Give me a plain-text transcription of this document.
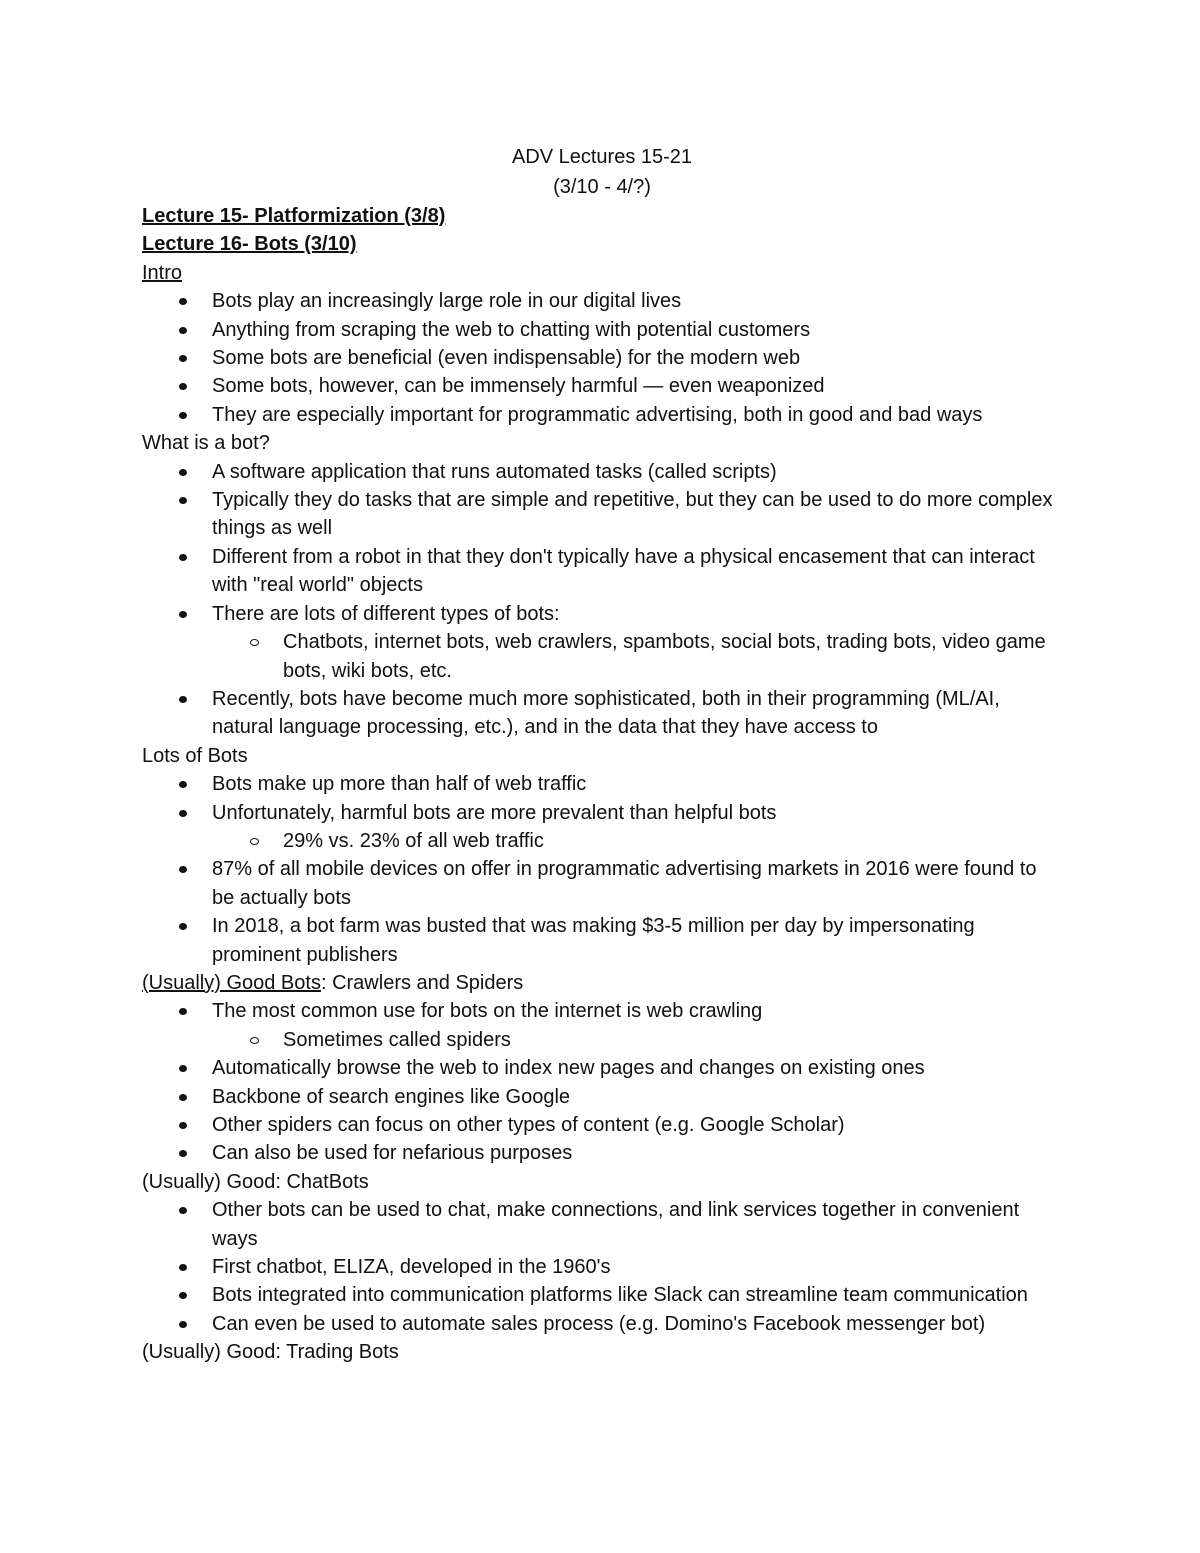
ADV Lectures 15-21
(3/10 - 4/?)
Lecture 15- Platformization (3/8)
Lecture 16- Bots (3/10)
Intro
Bots play an increasingly large role in our digital lives
Anything from scraping the web to chatting with potential customers
Some bots are beneficial (even indispensable) for the modern web
Some bots, however, can be immensely harmful — even weaponized
They are especially important for programmatic advertising, both in good and bad ways
What is a bot?
A software application that runs automated tasks (called scripts)
Typically they do tasks that are simple and repetitive, but they can be used to do more complex things as well
Different from a robot in that they don't typically have a physical encasement that can interact with "real world" objects
There are lots of different types of bots:
Chatbots, internet bots, web crawlers, spambots, social bots, trading bots, video game bots, wiki bots, etc.
Recently, bots have become much more sophisticated, both in their programming (ML/AI, natural language processing, etc.), and in the data that they have access to
Lots of Bots
Bots make up more than half of web traffic
Unfortunately, harmful bots are more prevalent than helpful bots
29% vs. 23% of all web traffic
87% of all mobile devices on offer in programmatic advertising markets in 2016 were found to be actually bots
In 2018, a bot farm was busted that was making $3-5 million per day by impersonating prominent publishers
(Usually) Good Bots: Crawlers and Spiders
The most common use for bots on the internet is web crawling
Sometimes called spiders
Automatically browse the web to index new pages and changes on existing ones
Backbone of search engines like Google
Other spiders can focus on other types of content (e.g. Google Scholar)
Can also be used for nefarious purposes
(Usually) Good: ChatBots
Other bots can be used to chat, make connections, and link services together in convenient ways
First chatbot, ELIZA, developed in the 1960's
Bots integrated into communication platforms like Slack can streamline team communication
Can even be used to automate sales process (e.g. Domino's Facebook messenger bot)
(Usually) Good: Trading Bots
